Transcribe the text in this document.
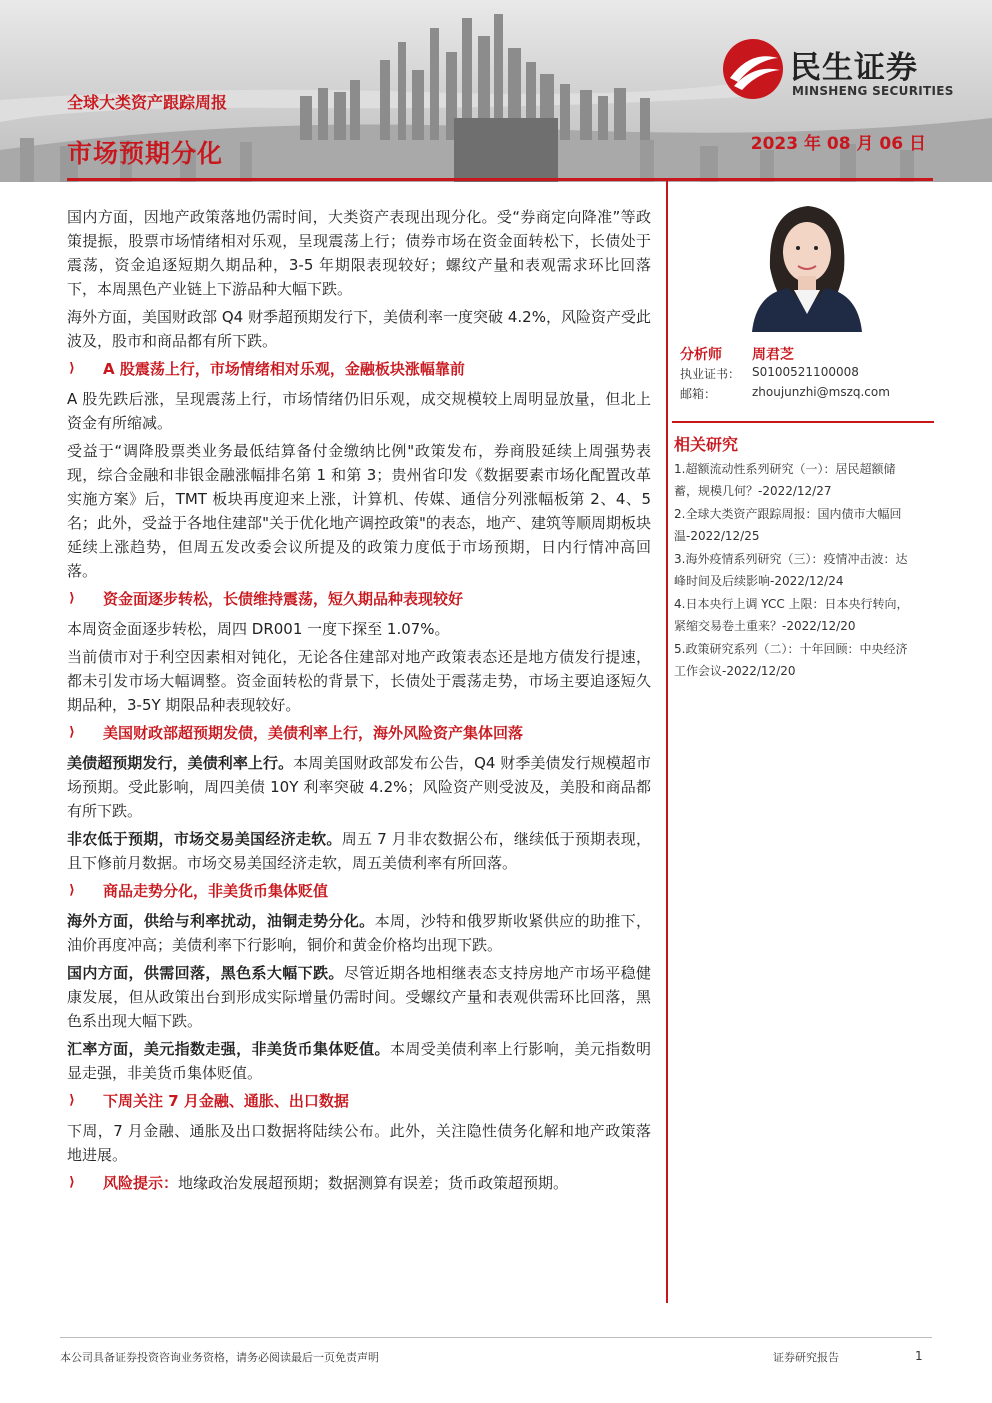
民生证券
MINSHENG SECURITIES
全球大类资产跟踪周报
市场预期分化	2023 年 08 月 06 日

国内方面，因地产政策落地仍需时间，大类资产表现出现分化。受“券商定向降准”等政策提振，股票市场情绪相对乐观，呈现震荡上行；债券市场在资金面转松下，长债处于震荡，资金追逐短期久期品种，3-5 年期限表现较好；螺纹产量和表观需求环比回落下，本周黑色产业链上下游品种大幅下跌。

海外方面，美国财政部 Q4 财季超预期发行下，美债利率一度突破 4.2%，风险资产受此波及，股市和商品都有所下跌。

⟩	A 股震荡上行，市场情绪相对乐观，金融板块涨幅靠前

A 股先跌后涨，呈现震荡上行，市场情绪仍旧乐观，成交规模较上周明显放量，但北上资金有所缩减。

受益于“调降股票类业务最低结算备付金缴纳比例"政策发布，券商股延续上周强势表现，综合金融和非银金融涨幅排名第 1 和第 3；贵州省印发《数据要素市场化配置改革实施方案》后，TMT 板块再度迎来上涨，计算机、传媒、通信分列涨幅板第 2、4、5 名；此外，受益于各地住建部"关于优化地产调控政策"的表态，地产、建筑等顺周期板块延续上涨趋势，但周五发改委会议所提及的政策力度低于市场预期，日内行情冲高回落。

⟩	资金面逐步转松，长债维持震荡，短久期品种表现较好

本周资金面逐步转松，周四 DR001 一度下探至 1.07%。

当前债市对于利空因素相对钝化，无论各住建部对地产政策表态还是地方债发行提速，都未引发市场大幅调整。资金面转松的背景下，长债处于震荡走势，市场主要追逐短久期品种，3-5Y 期限品种表现较好。

⟩	美国财政部超预期发债，美债利率上行，海外风险资产集体回落

美债超预期发行，美债利率上行。本周美国财政部发布公告，Q4 财季美债发行规模超市场预期。受此影响，周四美债 10Y 利率突破 4.2%；风险资产则受波及，美股和商品都有所下跌。

非农低于预期，市场交易美国经济走软。周五 7 月非农数据公布，继续低于预期表现，且下修前月数据。市场交易美国经济走软，周五美债利率有所回落。

⟩	商品走势分化，非美货币集体贬值

海外方面，供给与利率扰动，油铜走势分化。本周，沙特和俄罗斯收紧供应的助推下，油价再度冲高；美债利率下行影响，铜价和黄金价格均出现下跌。

国内方面，供需回落，黑色系大幅下跌。尽管近期各地相继表态支持房地产市场平稳健康发展，但从政策出台到形成实际增量仍需时间。受螺纹产量和表观供需环比回落，黑色系出现大幅下跌。

汇率方面，美元指数走强，非美货币集体贬值。本周受美债利率上行影响，美元指数明显走强，非美货币集体贬值。

⟩	下周关注 7 月金融、通胀、出口数据

下周，7 月金融、通胀及出口数据将陆续公布。此外，关注隐性债务化解和地产政策落地进展。

⟩	风险提示： 地缘政治发展超预期；数据测算有误差；货币政策超预期。
分析师 周君芝
执业证书： S0100521100008
邮箱：	zhoujunzhi@mszq.com
相关研究
1.超额流动性系列研究（一）：居民超额储蓄，规模几何？-2022/12/27
2.全球大类资产跟踪周报：国内债市大幅回温-2022/12/25
3.海外疫情系列研究（三）：疫情冲击波：达峰时间及后续影响-2022/12/24
4.日本央行上调 YCC 上限：日本央行转向，紧缩交易卷土重来？-2022/12/20
5.政策研究系列（二）：十年回顾：中央经济工作会议-2022/12/20
本公司具备证券投资咨询业务资格，请务必阅读最后一页免责声明	证券研究报告	1
